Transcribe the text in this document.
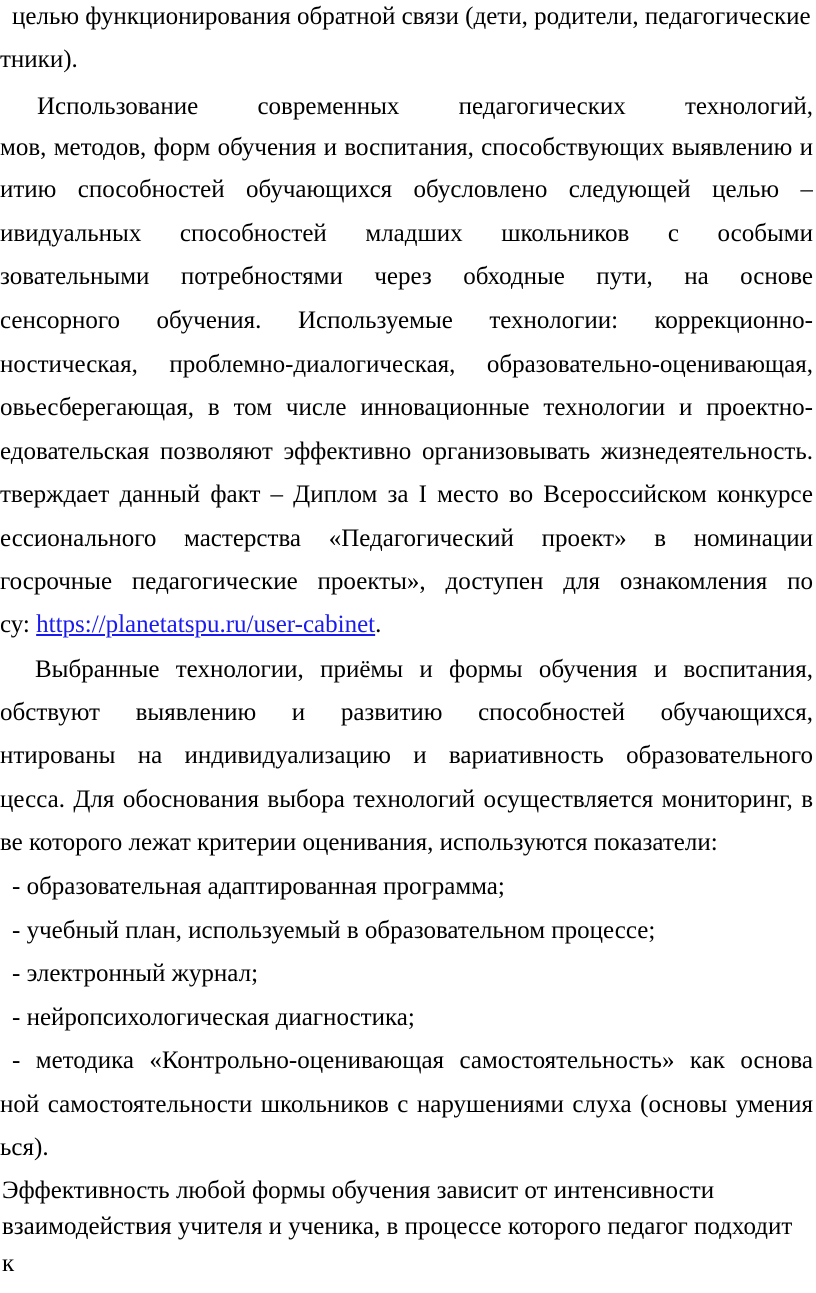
целью функционирования обратной связи (дети, родители, педагогические
тники).
Использование современных педагогических технологий,
мов, методов, форм обучения и воспитания, способствующих выявлению и
итию способностей обучающихся обусловлено следующей целью –
ивидуальных способностей младших школьников с особыми
зовательными потребностями через обходные пути, на основе
сенсорного обучения. Используемые технологии: коррекционно-
ностическая, проблемно-диалогическая, образовательно-оценивающая,
овьесберегающая, в том числе инновационные технологии и проектно-
едовательская позволяют эффективно организовывать жизнедеятельность.
тверждает данный факт – Диплом за I место во Всероссийском конкурсе
ессионального мастерства «Педагогический проект» в номинации
госрочные педагогические проекты», доступен для ознакомления по
су: https://planetatspu.ru/user-cabinet.
Выбранные технологии, приёмы и формы обучения и воспитания,
обствуют выявлению и развитию способностей обучающихся,
нтированы на индивидуализацию и вариативность образовательного
цесса. Для обоснования выбора технологий осуществляется мониторинг, в
ве которого лежат критерии оценивания, используются показатели:
- образовательная адаптированная программа;
- учебный план, используемый в образовательном процессе;
- электронный журнал;
- нейропсихологическая диагностика;
- методика «Контрольно-оценивающая самостоятельность» как основа
ной самостоятельности школьников с нарушениями слуха (основы умения
ься).
Эффективность любой формы обучения зависит от интенсивности
взаимодействия учителя и ученика, в процессе которого педагог подходит
к
